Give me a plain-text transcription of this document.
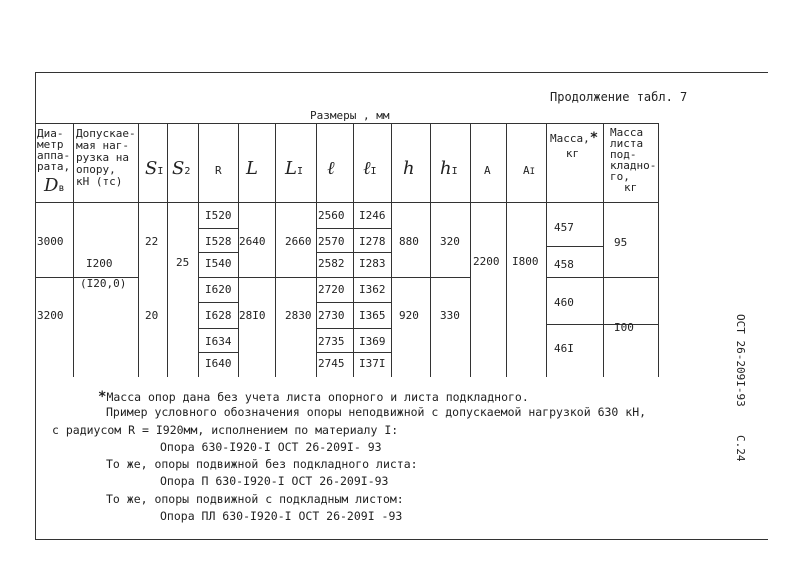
Продолжение табл. 7
Размеры , мм
Диа-
метр
аппа-
рата,
Dв
Допускае-
мая наг-
рузка на
опору,
кН (тс)
SI S2 R L LI ℓ ℓI h hI A	AI
Масса,*
кг
Масса
листа
под-
кладно-
го,
кг
3000
3200
I200
(I20,0)
22
20
25
I520
I528
I540
I620
I628
I634
I640
2640
28I0
2660
2830
2560
2570
2582
2720
2730
2735
2745
I246
I278
I283
I362
I365
I369
I37I
880
920
320
330
2200 I800
457
458
460
46I
95
I00
*Масса опор дана без учета листа опорного и листа подкладного.
Пример условного обозначения опоры неподвижной с допускаемой нагрузкой 630 кН,
с радиусом R = I920мм, исполнением по материалу I:
Опора 630-I920-I ОСТ 26-209I- 93
То же, опоры подвижной без подкладного листа:
Опора П 630-I920-I ОСТ 26-209I-93
То же, опоры подвижной с подкладным листом:
Опора ПЛ 630-I920-I ОСТ 26-209I -93
ОСТ 26-209I-93
С.24
